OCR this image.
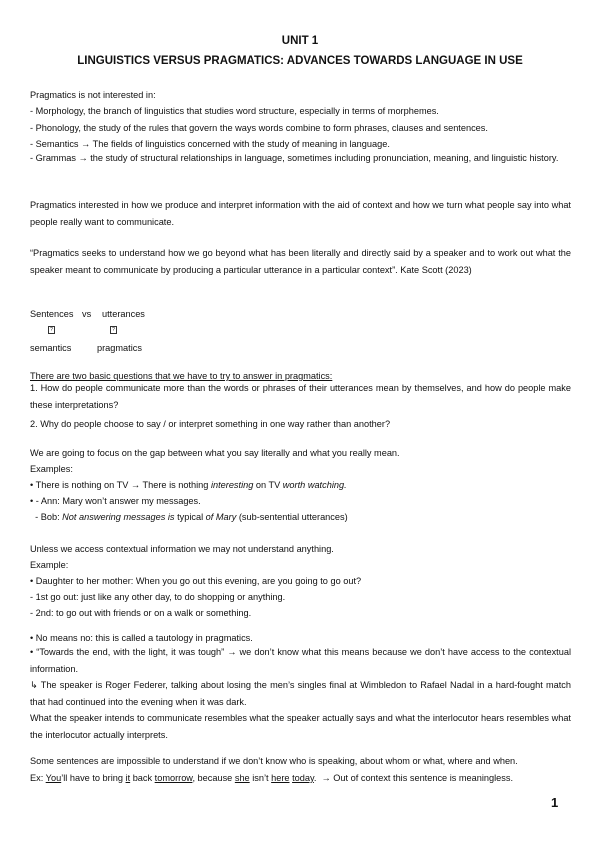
UNIT 1
LINGUISTICS VERSUS PRAGMATICS: ADVANCES TOWARDS LANGUAGE IN USE
Pragmatics is not interested in:
- Morphology, the branch of linguistics that studies word structure, especially in terms of morphemes.
- Phonology, the study of the rules that govern the ways words combine to form phrases, clauses and sentences.
- Semantics → The fields of linguistics concerned with the study of meaning in language.
- Grammas → the study of structural relationships in language, sometimes including pronunciation, meaning, and linguistic history.
Pragmatics interested in how we produce and interpret information with the aid of context and how we turn what people say into what people really want to communicate.
“Pragmatics seeks to understand how we go beyond what has been literally and directly said by a speaker and to work out what the speaker meant to communicate by producing a particular utterance in a particular context”. Kate Scott (2023)
Sentences vs utterances
?	?
semantics	pragmatics
There are two basic questions that we have to try to answer in pragmatics:
1. How do people communicate more than the words or phrases of their utterances mean by themselves, and how do people make these interpretations?
2. Why do people choose to say / or interpret something in one way rather than another?
We are going to focus on the gap between what you say literally and what you really mean.
Examples:
• There is nothing on TV → There is nothing interesting on TV worth watching.
• - Ann: Mary won’t answer my messages.
- Bob: Not answering messages is typical of Mary (sub-sentential utterances)
Unless we access contextual information we may not understand anything.
Example:
• Daughter to her mother: When you go out this evening, are you going to go out?
- 1st go out: just like any other day, to do shopping or anything.
- 2nd: to go out with friends or on a walk or something.
• No means no: this is called a tautology in pragmatics.
• “Towards the end, with the light, it was tough” → we don’t know what this means because we don’t have access to the contextual information.
↳ The speaker is Roger Federer, talking about losing the men’s singles final at Wimbledon to Rafael Nadal in a hard-fought match that had continued into the evening when it was dark.
What the speaker intends to communicate resembles what the speaker actually says and what the interlocutor hears resembles what the interlocutor actually interprets.
Some sentences are impossible to understand if we don’t know who is speaking, about whom or what, where and when.
Ex: You’ll have to bring it back tomorrow, because she isn’t here today.  → Out of context this sentence is meaningless.
1
